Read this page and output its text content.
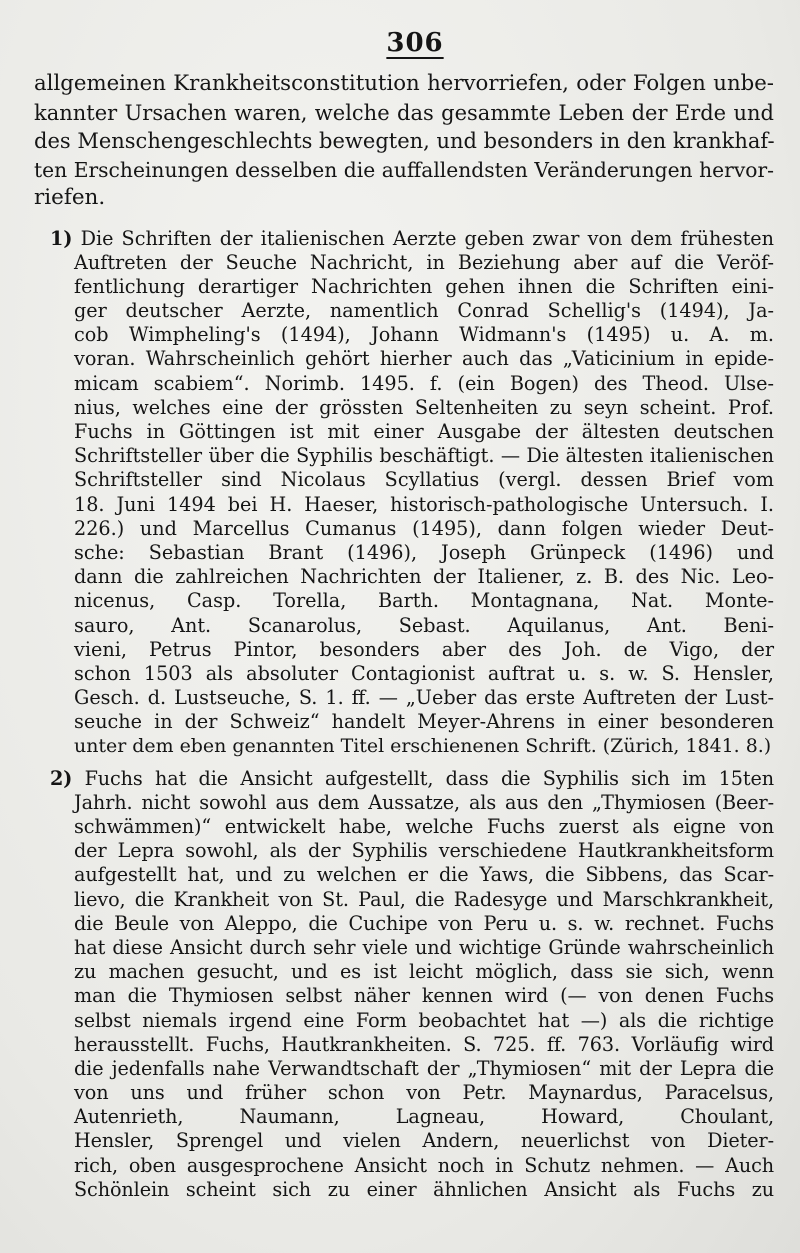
306
allgemeinen Krankheitsconstitution hervorriefen, oder Folgen unbe-
kannter Ursachen waren, welche das gesammte Leben der Erde und
des Menschengeschlechts bewegten, und besonders in den krankhaf-
ten Erscheinungen desselben die auffallendsten Veränderungen hervor-
riefen.
1) Die Schriften der italienischen Aerzte geben zwar von dem frühesten
Auftreten der Seuche Nachricht, in Beziehung aber auf die Veröf-
fentlichung derartiger Nachrichten gehen ihnen die Schriften eini-
ger deutscher Aerzte, namentlich Conrad Schellig's (1494), Ja-
cob Wimpheling's (1494), Johann Widmann's (1495) u. A. m.
voran. Wahrscheinlich gehört hierher auch das „Vaticinium in epide-
micam scabiem“. Norimb. 1495. f. (ein Bogen) des Theod. Ulse-
nius, welches eine der grössten Seltenheiten zu seyn scheint. Prof.
Fuchs in Göttingen ist mit einer Ausgabe der ältesten deutschen
Schriftsteller über die Syphilis beschäftigt. — Die ältesten italienischen
Schriftsteller sind Nicolaus Scyllatius (vergl. dessen Brief vom
18. Juni 1494 bei H. Haeser, historisch-pathologische Untersuch. I.
226.) und Marcellus Cumanus (1495), dann folgen wieder Deut-
sche: Sebastian Brant (1496), Joseph Grünpeck (1496) und
dann die zahlreichen Nachrichten der Italiener, z. B. des Nic. Leo-
nicenus, Casp. Torella, Barth. Montagnana, Nat. Monte-
sauro, Ant. Scanarolus, Sebast. Aquilanus, Ant. Beni-
vieni, Petrus Pintor, besonders aber des Joh. de Vigo, der
schon 1503 als absoluter Contagionist auftrat u. s. w. S. Hensler,
Gesch. d. Lustseuche, S. 1. ff. — „Ueber das erste Auftreten der Lust-
seuche in der Schweiz“ handelt Meyer-Ahrens in einer besonderen
unter dem eben genannten Titel erschienenen Schrift. (Zürich, 1841. 8.)
2) Fuchs hat die Ansicht aufgestellt, dass die Syphilis sich im 15ten
Jahrh. nicht sowohl aus dem Aussatze, als aus den „Thymiosen (Beer-
schwämmen)“ entwickelt habe, welche Fuchs zuerst als eigne von
der Lepra sowohl, als der Syphilis verschiedene Hautkrankheitsform
aufgestellt hat, und zu welchen er die Yaws, die Sibbens, das Scar-
lievo, die Krankheit von St. Paul, die Radesyge und Marschkrankheit,
die Beule von Aleppo, die Cuchipe von Peru u. s. w. rechnet. Fuchs
hat diese Ansicht durch sehr viele und wichtige Gründe wahrscheinlich
zu machen gesucht, und es ist leicht möglich, dass sie sich, wenn
man die Thymiosen selbst näher kennen wird (— von denen Fuchs
selbst niemals irgend eine Form beobachtet hat —) als die richtige
herausstellt. Fuchs, Hautkrankheiten. S. 725. ff. 763. Vorläufig wird
die jedenfalls nahe Verwandtschaft der „Thymiosen“ mit der Lepra die
von uns und früher schon von Petr. Maynardus, Paracelsus,
Autenrieth, Naumann, Lagneau, Howard, Choulant,
Hensler, Sprengel und vielen Andern, neuerlichst von Dieter-
rich, oben ausgesprochene Ansicht noch in Schutz nehmen. — Auch
Schönlein scheint sich zu einer ähnlichen Ansicht als Fuchs zu
